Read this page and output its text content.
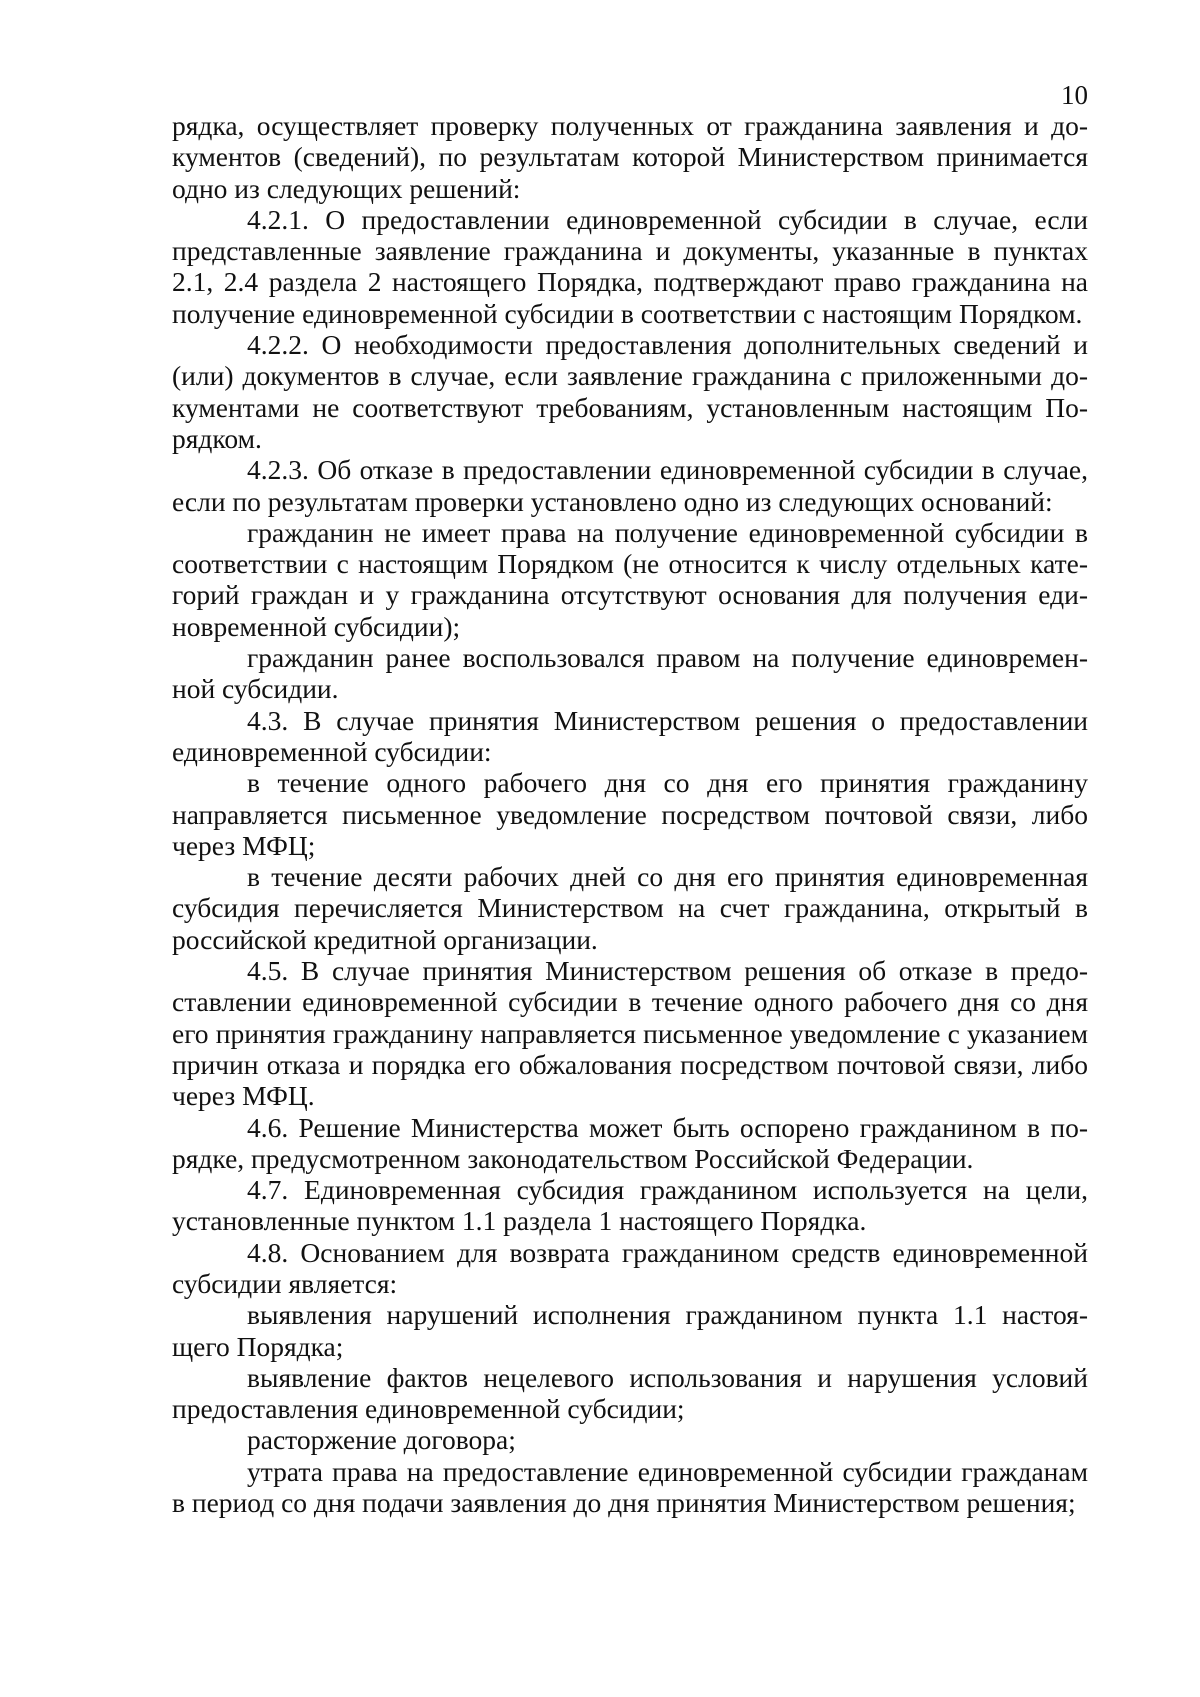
10

рядка, осуществляет проверку полученных от гражданина заявления и документов (сведений), по результатам которой Министерством принимается одно из следующих решений:

4.2.1. О предоставлении единовременной субсидии в случае, если представленные заявление гражданина и документы, указанные в пунктах 2.1, 2.4 раздела 2 настоящего Порядка, подтверждают право гражданина на получение единовременной субсидии в соответствии с настоящим Порядком.

4.2.2. О необходимости предоставления дополнительных сведений и (или) документов в случае, если заявление гражданина с приложенными документами не соответствуют требованиям, установленным настоящим Порядком.

4.2.3. Об отказе в предоставлении единовременной субсидии в случае, если по результатам проверки установлено одно из следующих оснований:

гражданин не имеет права на получение единовременной субсидии в соответствии с настоящим Порядком (не относится к числу отдельных категорий граждан и у гражданина отсутствуют основания для получения единовременной субсидии);

гражданин ранее воспользовался правом на получение единовременной субсидии.

4.3. В случае принятия Министерством решения о предоставлении единовременной субсидии:

в течение одного рабочего дня со дня его принятия гражданину направляется письменное уведомление посредством почтовой связи, либо через МФЦ;

в течение десяти рабочих дней со дня его принятия единовременная субсидия перечисляется Министерством на счет гражданина, открытый в российской кредитной организации.

4.5. В случае принятия Министерством решения об отказе в предоставлении единовременной субсидии в течение одного рабочего дня со дня его принятия гражданину направляется письменное уведомление с указанием причин отказа и порядка его обжалования посредством почтовой связи, либо через МФЦ.

4.6. Решение Министерства может быть оспорено гражданином в порядке, предусмотренном законодательством Российской Федерации.

4.7. Единовременная субсидия гражданином используется на цели, установленные пунктом 1.1 раздела 1 настоящего Порядка.

4.8. Основанием для возврата гражданином средств единовременной субсидии является:

выявления нарушений исполнения гражданином пункта 1.1 настоящего Порядка;

выявление фактов нецелевого использования и нарушения условий предоставления единовременной субсидии;

расторжение договора;

утрата права на предоставление единовременной субсидии гражданам в период со дня подачи заявления до дня принятия Министерством решения;
